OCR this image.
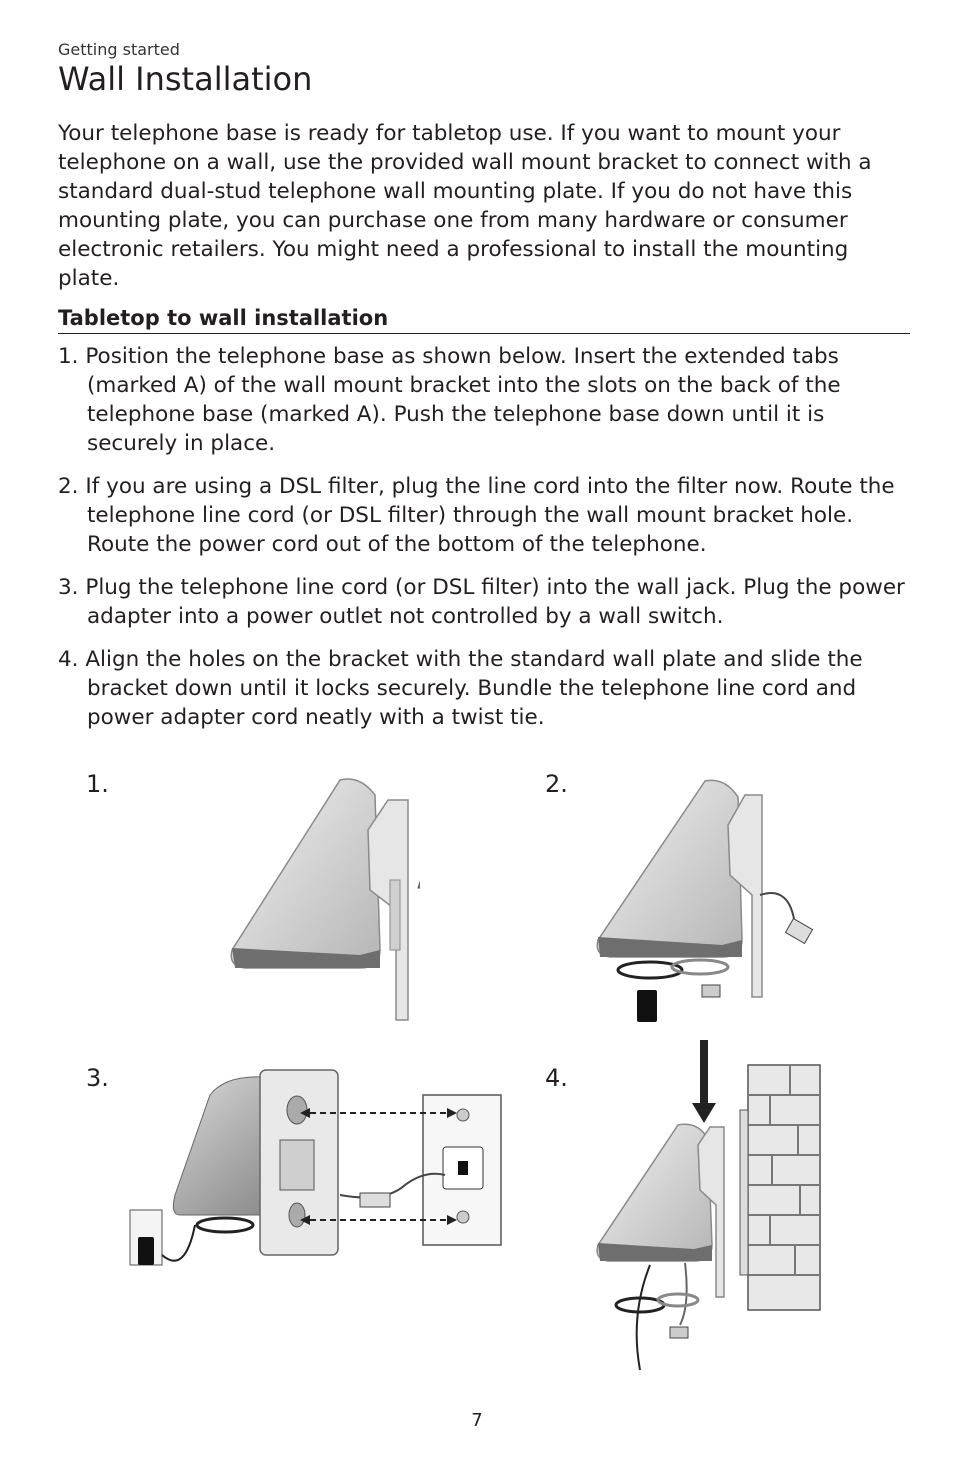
Getting started
Wall Installation

Your telephone base is ready for tabletop use. If you want to mount your telephone on a wall, use the provided wall mount bracket to connect with a standard dual-stud telephone wall mounting plate. If you do not have this mounting plate, you can purchase one from many hardware or consumer electronic retailers. You might need a professional to install the mounting plate.

Tabletop to wall installation
1. Position the telephone base as shown below. Insert the extended tabs (marked A) of the wall mount bracket into the slots on the back of the telephone base (marked A). Push the telephone base down until it is securely in place.
2. If you are using a DSL filter, plug the line cord into the filter now. Route the telephone line cord (or DSL filter) through the wall mount bracket hole. Route the power cord out of the bottom of the telephone.
3. Plug the telephone line cord (or DSL filter) into the wall jack. Plug the power adapter into a power outlet not controlled by a wall switch.
4. Align the holes on the bracket with the standard wall plate and slide the bracket down until it locks securely. Bundle the telephone line cord and power adapter cord neatly with a twist tie.
1.	2.
3.	4.
7
